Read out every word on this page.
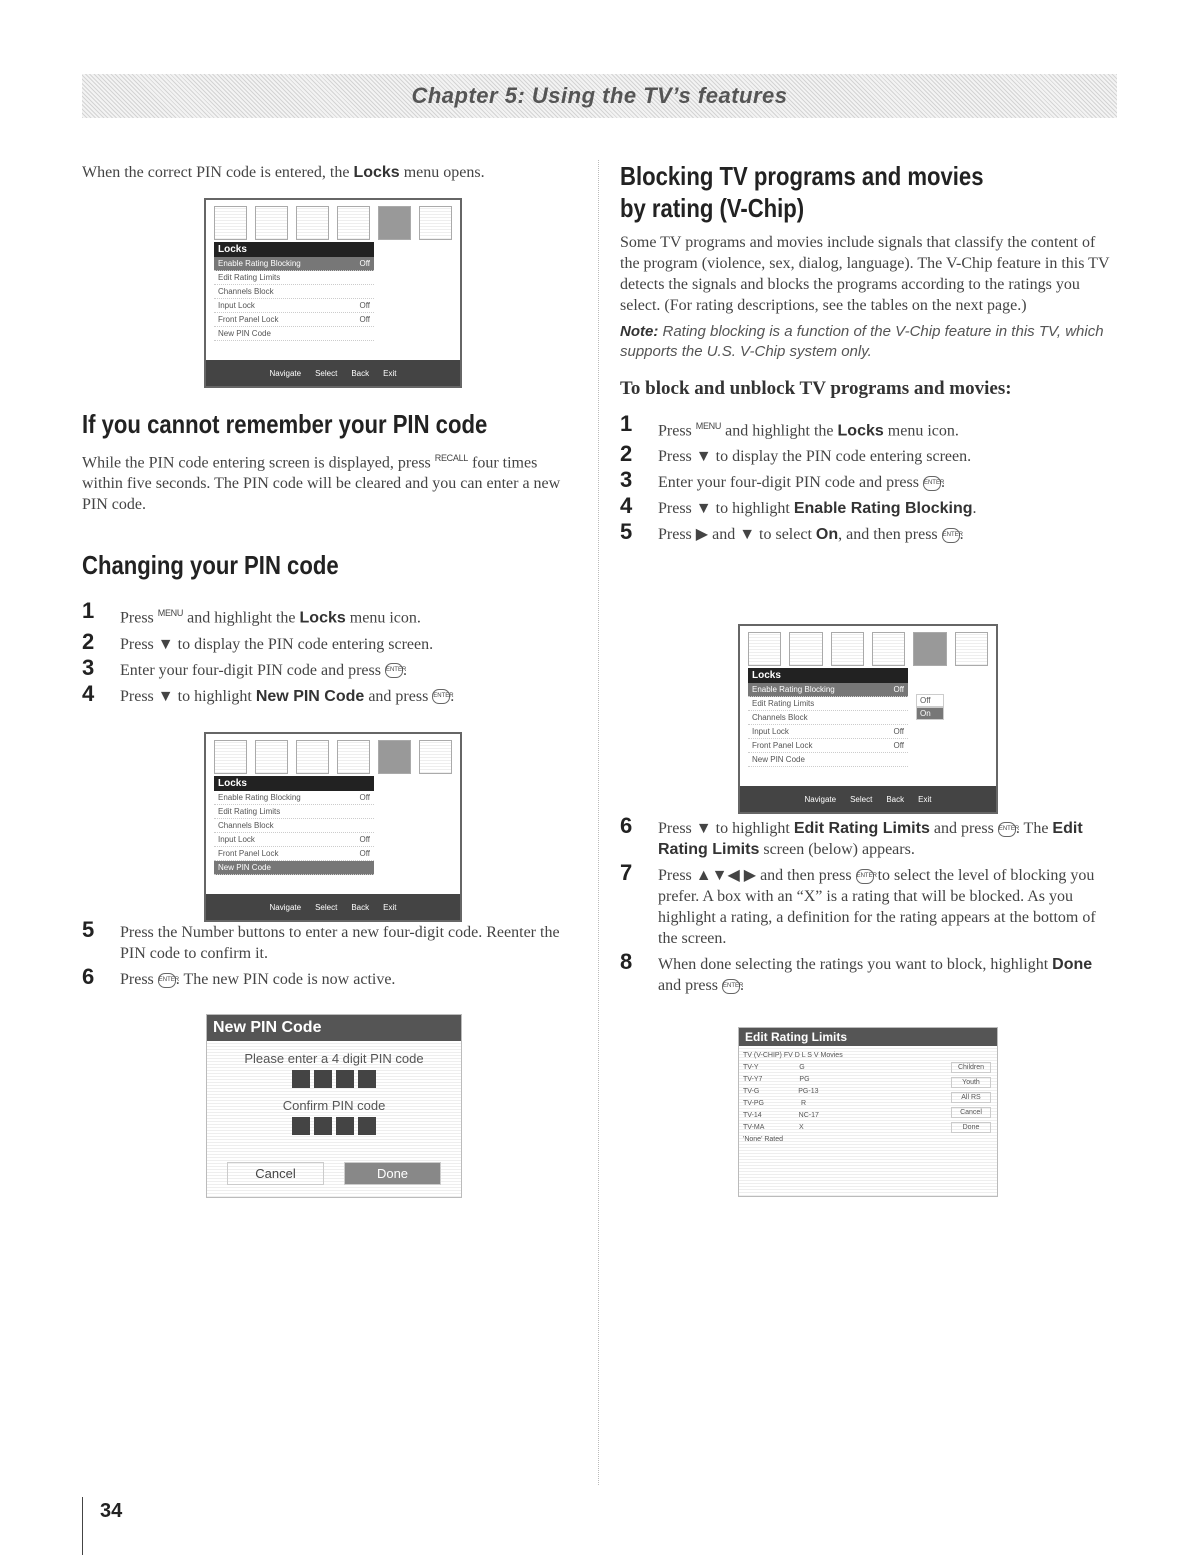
Chapter 5: Using the TV’s features

When the correct PIN code is entered, the Locks menu opens.

Locks
Enable Rating Blocking	Off
Edit Rating Limits
Channels Block
Input Lock	Off
Front Panel Lock	Off
New PIN Code
Navigate Select Back Exit
If you cannot remember your PIN code

While the PIN code entering screen is displayed, press $^{RECALL}$ four times within five seconds. The PIN code will be cleared and you can enter a new PIN code.

Changing your PIN code
1 Press $^{MENU}$ and highlight the Locks menu icon.
2 Press ▼ to display the PIN code entering screen.
3 Enter your four-digit PIN code and press ENTER.
4 Press ▼ to highlight New PIN Code and press ENTER.
Locks
Enable Rating Blocking	Off
Edit Rating Limits
Channels Block
Input Lock	Off
Front Panel Lock	Off
New PIN Code
Navigate Select Back Exit
5 Press the Number buttons to enter a new four-digit code. Reenter the PIN code to confirm it.
6 Press ENTER. The new PIN code is now active.
New PIN Code
Please enter a 4 digit PIN code
Confirm PIN code
Cancel	Done
Blocking TV programs and movies
by rating (V-Chip)

Some TV programs and movies include signals that classify the content of the program (violence, sex, dialog, language). The V-Chip feature in this TV detects the signals and blocks the programs according to the ratings you select. (For rating descriptions, see the tables on the next page.)

Note: Rating blocking is a function of the V-Chip feature in this TV, which supports the U.S. V-Chip system only.

To block and unblock TV programs and movies:
1 Press $^{MENU}$ and highlight the Locks menu icon.
2 Press ▼ to display the PIN code entering screen.
3 Enter your four-digit PIN code and press ENTER.
4 Press ▼ to highlight Enable Rating Blocking.
5 Press ▶ and ▼ to select On, and then press ENTER.
Locks
Enable Rating Blocking	Off
Edit Rating Limits
Channels Block
Input Lock	Off
Front Panel Lock	Off
New PIN Code
Off
On
Navigate Select Back Exit
6 Press ▼ to highlight Edit Rating Limits and press ENTER. The Edit Rating Limits screen (below) appears.
7 Press ▲▼◀ ▶ and then press ENTER to select the level of blocking you prefer. A box with an “X” is a rating that will be blocked. As you highlight a rating, a definition for the rating appears at the bottom of the screen.
8 When done selecting the ratings you want to block, highlight Done and press ENTER.
Edit Rating Limits
TV (V-CHIP) FV D L S V Movies
TV-Y	G
TV-Y7	PG
TV-G	PG-13
TV-PG	R
TV-14	NC-17
TV-MA	X
'None' Rated
Children
Youth
All RS
Cancel
Done
34
